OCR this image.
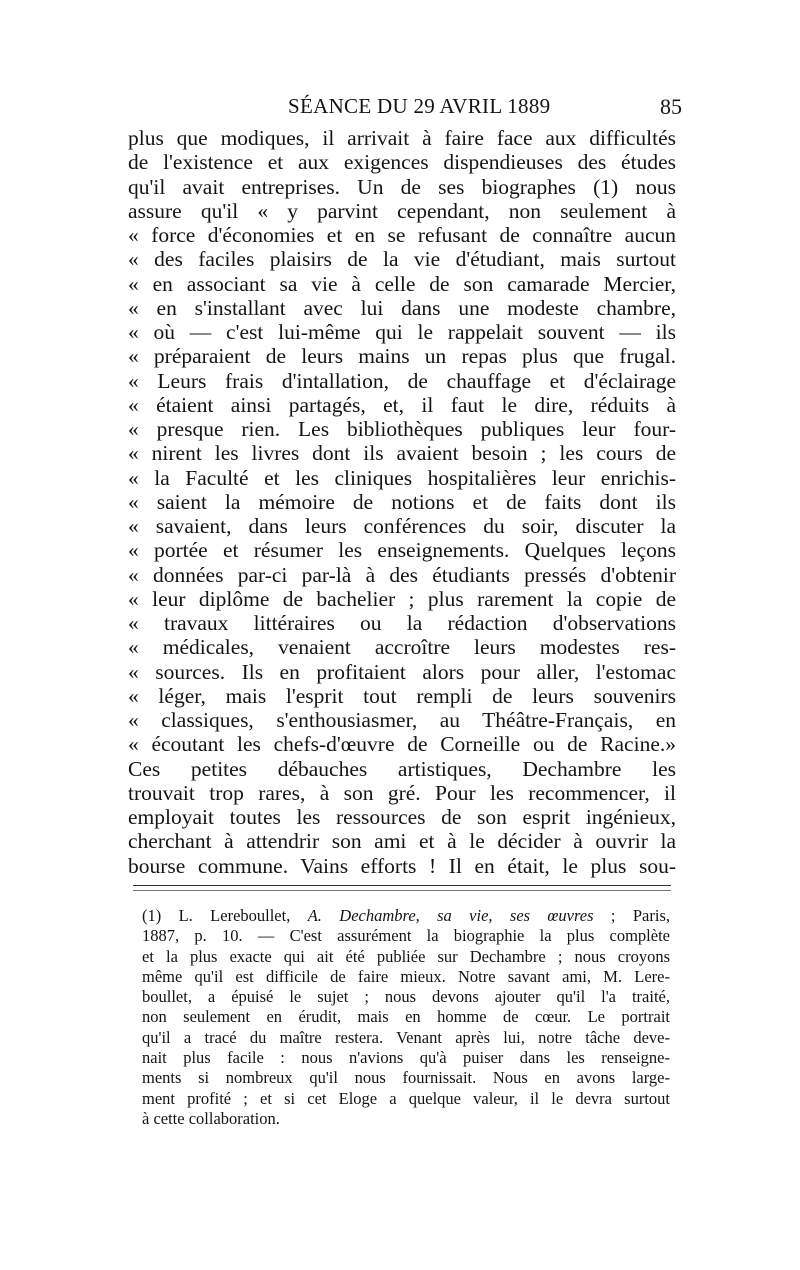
SÉANCE DU 29 AVRIL 1889	85
plus que modiques, il arrivait à faire face aux difficultés
de l'existence et aux exigences dispendieuses des études
qu'il avait entreprises. Un de ses biographes (1) nous
assure qu'il « y parvint cependant, non seulement à
« force d'économies et en se refusant de connaître aucun
« des faciles plaisirs de la vie d'étudiant, mais surtout
« en associant sa vie à celle de son camarade Mercier,
« en s'installant avec lui dans une modeste chambre,
« où — c'est lui-même qui le rappelait souvent — ils
« préparaient de leurs mains un repas plus que frugal.
« Leurs frais d'intallation, de chauffage et d'éclairage
« étaient ainsi partagés, et, il faut le dire, réduits à
« presque rien. Les bibliothèques publiques leur four-
« nirent les livres dont ils avaient besoin ; les cours de
« la Faculté et les cliniques hospitalières leur enrichis-
« saient la mémoire de notions et de faits dont ils
« savaient, dans leurs conférences du soir, discuter la
« portée et résumer les enseignements. Quelques leçons
« données par-ci par-là à des étudiants pressés d'obtenir
« leur diplôme de bachelier ; plus rarement la copie de
« travaux littéraires ou la rédaction d'observations
« médicales, venaient accroître leurs modestes res-
« sources. Ils en profitaient alors pour aller, l'estomac
« léger, mais l'esprit tout rempli de leurs souvenirs
« classiques, s'enthousiasmer, au Théâtre-Français, en
« écoutant les chefs-d'œuvre de Corneille ou de Racine.»
Ces petites débauches artistiques, Dechambre les
trouvait trop rares, à son gré. Pour les recommencer, il
employait toutes les ressources de son esprit ingénieux,
cherchant à attendrir son ami et à le décider à ouvrir la
bourse commune. Vains efforts ! Il en était, le plus sou-
(1) L. Lereboullet, A. Dechambre, sa vie, ses œuvres ; Paris,
1887, p. 10. — C'est assurément la biographie la plus complète
et la plus exacte qui ait été publiée sur Dechambre ; nous croyons
même qu'il est difficile de faire mieux. Notre savant ami, M. Lere-
boullet, a épuisé le sujet ; nous devons ajouter qu'il l'a traité,
non seulement en érudit, mais en homme de cœur. Le portrait
qu'il a tracé du maître restera. Venant après lui, notre tâche deve-
nait plus facile : nous n'avions qu'à puiser dans les renseigne-
ments si nombreux qu'il nous fournissait. Nous en avons large-
ment profité ; et si cet Eloge a quelque valeur, il le devra surtout
à cette collaboration.
